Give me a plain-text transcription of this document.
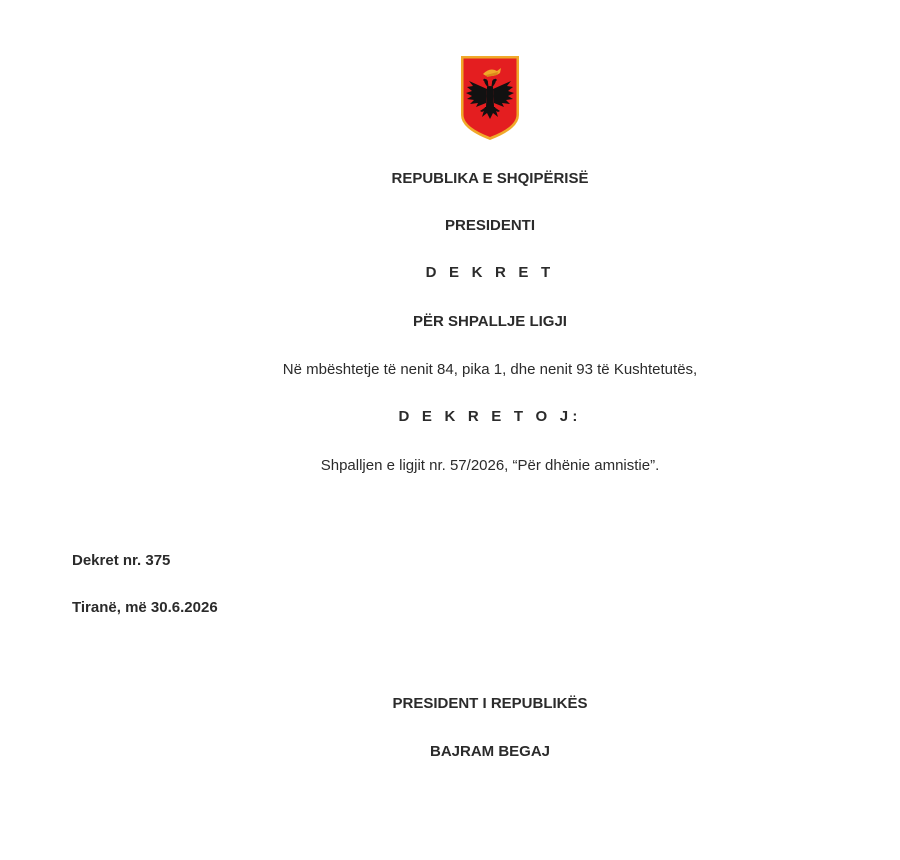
REPUBLIKA E SHQIPËRISË

PRESIDENTI

D E K R E T

PËR SHPALLJE LIGJI

Në mbështetje të nenit 84, pika 1, dhe nenit 93 të Kushtetutës,

D E K R E T O J:

Shpalljen e ligjit nr. 57/2026, “Për dhënie amnistie”.

Dekret nr. 375

Tiranë, më 30.6.2026

PRESIDENT I REPUBLIKËS

BAJRAM BEGAJ
